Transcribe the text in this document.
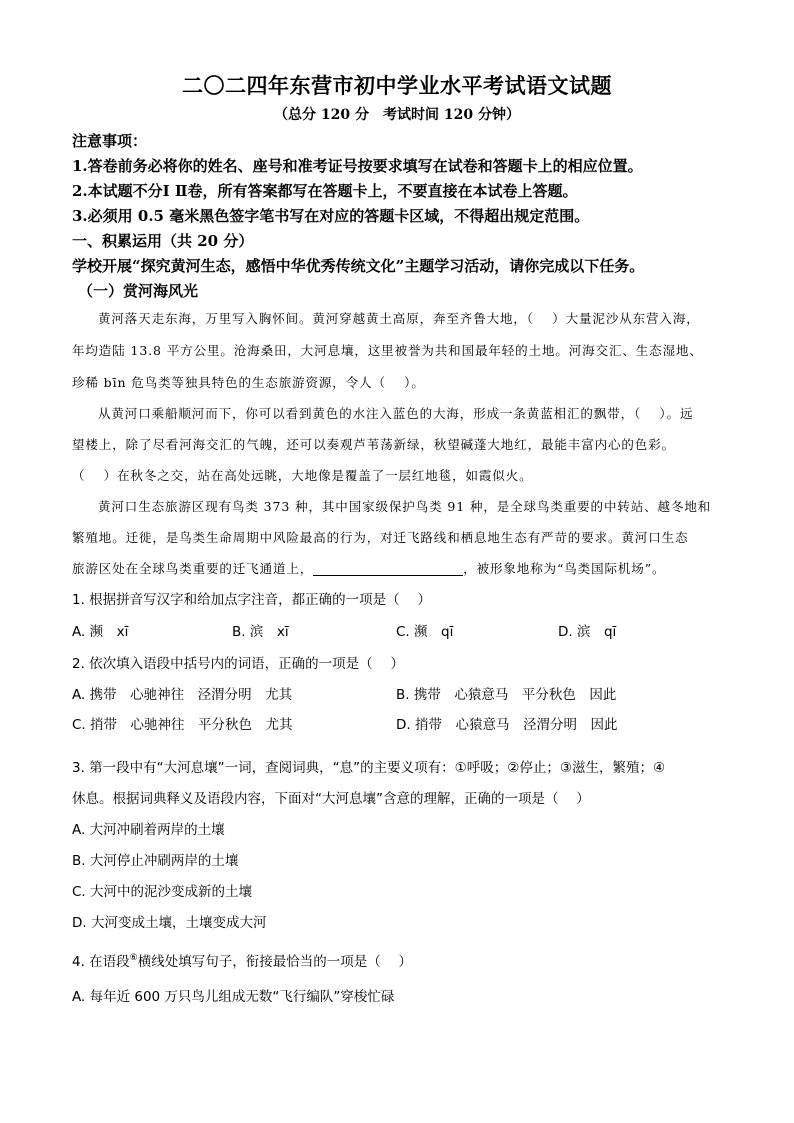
二〇二四年东营市初中学业水平考试语文试题
（总分 120 分　考试时间 120 分钟）
注意事项：
1.答卷前务必将你的姓名、座号和准考证号按要求填写在试卷和答题卡上的相应位置。
2.本试题不分Ⅰ Ⅱ卷，所有答案都写在答题卡上，不要直接在本试卷上答题。
3.必须用 0.5 毫米黑色签字笔书写在对应的答题卡区域，不得超出规定范围。
一、积累运用（共 20 分）
学校开展“探究黄河生态，感悟中华优秀传统文化”主题学习活动，请你完成以下任务。
（一）赏河海风光
黄河落天走东海，万里写入胸怀间。黄河穿越黄土高原，奔至齐鲁大地，（　 ）大量泥沙从东营入海，
年均造陆 13.8 平方公里。沧海桑田，大河息壤，这里被誉为共和国最年轻的土地。河海交汇、生态湿地、
珍稀 bīn 危鸟类等独具特色的生态旅游资源，令人（　 ）。
从黄河口乘船顺河而下，你可以看到黄色的水注入蓝色的大海，形成一条黄蓝相汇的飘带，（　 ）。远
望楼上，除了尽看河海交汇的气魄，还可以奏观芦苇荡新绿，秋望碱蓬大地红，最能丰富内心的色彩。
（　 ）在秋冬之交，站在高处远眺，大地像是覆盖了一层红地毯，如霞似火。
黄河口生态旅游区现有鸟类 373 种，其中国家级保护鸟类 91 种，是全球鸟类重要的中转站、越冬地和
繁殖地。迁徙，是鸟类生命周期中风险最高的行为，对迁飞路线和栖息地生态有严苛的要求。黄河口生态
旅游区处在全球鸟类重要的迁飞通道上，	，被形象地称为“鸟类国际机场”。
1. 根据拼音写汉字和给加点字注音，都正确的一项是（　 ）
A. 濒　xī	B. 滨　xī	C. 濒　qī	D. 滨　qī
2. 依次填入语段中括号内的词语，正确的一项是（　 ）
A. 携带　心驰神往　泾渭分明　尤其	B. 携带　心猿意马　平分秋色　因此
C. 捎带　心驰神往　平分秋色　尤其	D. 捎带　心猿意马　泾渭分明　因此
3. 第一段中有“大河息壤”一词，查阅词典，“息”的主要义项有：①呼吸；②停止；③滋生，繁殖；④
休息。根据词典释义及语段内容，下面对“大河息壤”含意的理解，正确的一项是（　 ）
A. 大河冲刷着两岸的土壤
B. 大河停止冲刷两岸的土壤
C. 大河中的泥沙变成新的土壤
D. 大河变成土壤，土壤变成大河
4. 在语段⑥横线处填写句子，衔接最恰当的一项是（　 ）
A. 每年近 600 万只鸟儿组成无数“飞行编队”穿梭忙碌
